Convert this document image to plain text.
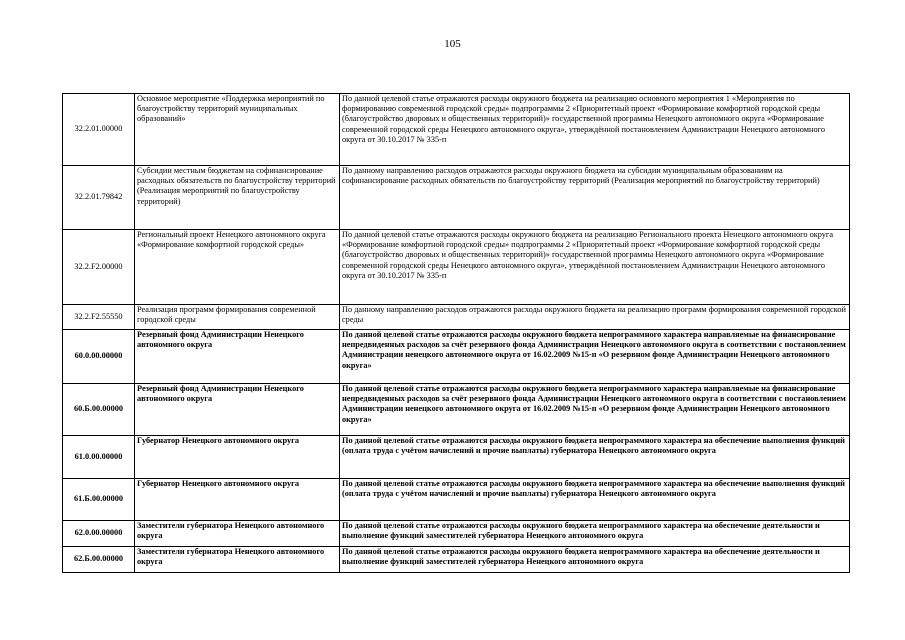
105
32.2.01.00000	Основное мероприятие «Поддержка мероприятий по благоустройству территорий муниципальных образований»	По данной целевой статье отражаются расходы окружного бюджета на реализацию основного мероприятия 1 «Мероприятия по формированию современной городской среды» подпрограммы 2 «Приоритетный проект «Формирование комфортной городской среды (благоустройство дворовых и общественных территорий)» государственной программы Ненецкого автономного округа «Формирование современной городской среды Ненецкого автономного округа», утверждённой постановлением Администрации Ненецкого автономного округа от 30.10.2017 № 335-п
32.2.01.79842	Субсидии местным бюджетам на софинансирование расходных обязательств по благоустройству территорий (Реализация мероприятий по благоустройству территорий)	По данному направлению расходов отражаются расходы окружного бюджета на субсидии муниципальным образованиям на софинансирование расходных обязательств по благоустройству территорий (Реализация мероприятий по благоустройству территорий)
32.2.F2.00000	Региональный проект Ненецкого автономного округа «Формирование комфортной городской среды»	По данной целевой статье отражаются расходы окружного бюджета на реализацию Регионального проекта Ненецкого автономного округа «Формирование комфортной городской среды» подпрограммы 2 «Приоритетный проект «Формирование комфортной городской среды (благоустройство дворовых и общественных территорий)» государственной программы Ненецкого автономного округа «Формирование современной городской среды Ненецкого автономного округа», утверждённой постановлением Администрации Ненецкого автономного округа от 30.10.2017 № 335-п
32.2.F2.55550	Реализация программ формирования современной городской среды	По данному направлению расходов отражаются расходы окружного бюджета на реализацию программ формирования современной городской среды
60.0.00.00000	Резервный фонд Администрации Ненецкого автономного округа	По данной целевой статье отражаются расходы окружного бюджета непрограммного характера направляемые на финансирование непредвиденных расходов за счёт резервного фонда Администрации Ненецкого автономного округа в соответствии с постановлением Администрации ненецкого автономного округа от 16.02.2009 №15-п «О резервном фонде Администрации Ненецкого автономного округа»
60.Б.00.00000	Резервный фонд Администрации Ненецкого автономного округа	По данной целевой статье отражаются расходы окружного бюджета непрограммного характера направляемые на финансирование непредвиденных расходов за счёт резервного фонда Администрации Ненецкого автономного округа в соответствии с постановлением Администрации ненецкого автономного округа от 16.02.2009 №15-п «О резервном фонде Администрации Ненецкого автономного округа»
61.0.00.00000	Губернатор Ненецкого автономного округа	По данной целевой статье отражаются расходы окружного бюджета непрограммного характера на обеспечение выполнения функций (оплата труда с учётом начислений и прочие выплаты) губернатора Ненецкого автономного округа
61.Б.00.00000	Губернатор Ненецкого автономного округа	По данной целевой статье отражаются расходы окружного бюджета непрограммного характера на обеспечение выполнения функций (оплата труда с учётом начислений и прочие выплаты) губернатора Ненецкого автономного округа
62.0.00.00000	Заместители губернатора Ненецкого автономного округа	По данной целевой статье отражаются расходы окружного бюджета непрограммного характера на обеспечение деятельности и выполнение функций заместителей губернатора Ненецкого автономного округа
62.Б.00.00000	Заместители губернатора Ненецкого автономного округа	По данной целевой статье отражаются расходы окружного бюджета непрограммного характера на обеспечение деятельности и выполнение функций заместителей губернатора Ненецкого автономного округа
